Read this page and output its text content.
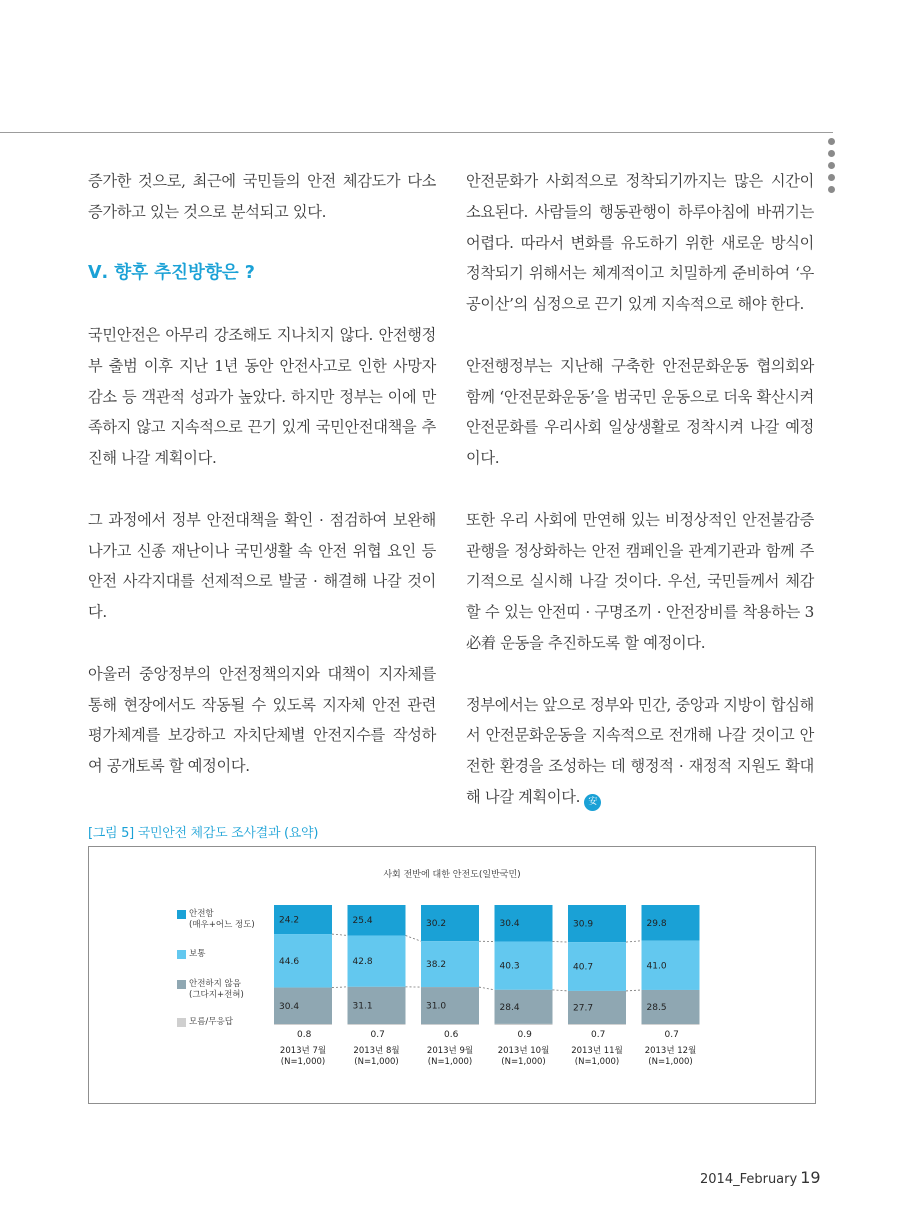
증가한 것으로, 최근에 국민들의 안전 체감도가 다소 증가하고 있는 것으로 분석되고 있다.

Ⅴ. 향후 추진방향은 ?

국민안전은 아무리 강조해도 지나치지 않다. 안전행정부 출범 이후 지난 1년 동안 안전사고로 인한 사망자 감소 등 객관적 성과가 높았다. 하지만 정부는 이에 만족하지 않고 지속적으로 끈기 있게 국민안전대책을 추진해 나갈 계획이다.

그 과정에서 정부 안전대책을 확인 · 점검하여 보완해 나가고 신종 재난이나 국민생활 속 안전 위협 요인 등 안전 사각지대를 선제적으로 발굴 · 해결해 나갈 것이다.

아울러 중앙정부의 안전정책의지와 대책이 지자체를 통해 현장에서도 작동될 수 있도록 지자체 안전 관련 평가체계를 보강하고 자치단체별 안전지수를 작성하여 공개토록 할 예정이다.

안전문화가 사회적으로 정착되기까지는 많은 시간이 소요된다. 사람들의 행동관행이 하루아침에 바뀌기는 어렵다. 따라서 변화를 유도하기 위한 새로운 방식이 정착되기 위해서는 체계적이고 치밀하게 준비하여 ‘우공이산’의 심정으로 끈기 있게 지속적으로 해야 한다.

안전행정부는 지난해 구축한 안전문화운동 협의회와 함께 ‘안전문화운동’을 범국민 운동으로 더욱 확산시켜 안전문화를 우리사회 일상생활로 정착시켜 나갈 예정이다.

또한 우리 사회에 만연해 있는 비정상적인 안전불감증 관행을 정상화하는 안전 캠페인을 관계기관과 함께 주기적으로 실시해 나갈 것이다. 우선, 국민들께서 체감할 수 있는 안전띠 · 구명조끼 · 안전장비를 착용하는 3必着 운동을 추진하도록 할 예정이다.

정부에서는 앞으로 정부와 민간, 중앙과 지방이 합심해서 안전문화운동을 지속적으로 전개해 나갈 것이고 안전한 환경을 조성하는 데 행정적 · 재정적 지원도 확대해 나갈 계획이다. 安

[그림 5] 국민안전 체감도 조사결과 (요약)
사회 전반에 대한 안전도(일반국민)
안전함
(매우+어느 정도)
보통
안전하지 않음
(그다지+전혀)
모름/무응답
24.2
44.6
30.4
0.8
2013년 7월
(N=1,000)
25.4
42.8
31.1
0.7
2013년 8월
(N=1,000)
30.2
38.2
31.0
0.6
2013년 9월
(N=1,000)
30.4
40.3
28.4
0.9
2013년 10월
(N=1,000)
30.9
40.7
27.7
0.7
2013년 11월
(N=1,000)
29.8
41.0
28.5
0.7
2013년 12월
(N=1,000)
2014_February 19
